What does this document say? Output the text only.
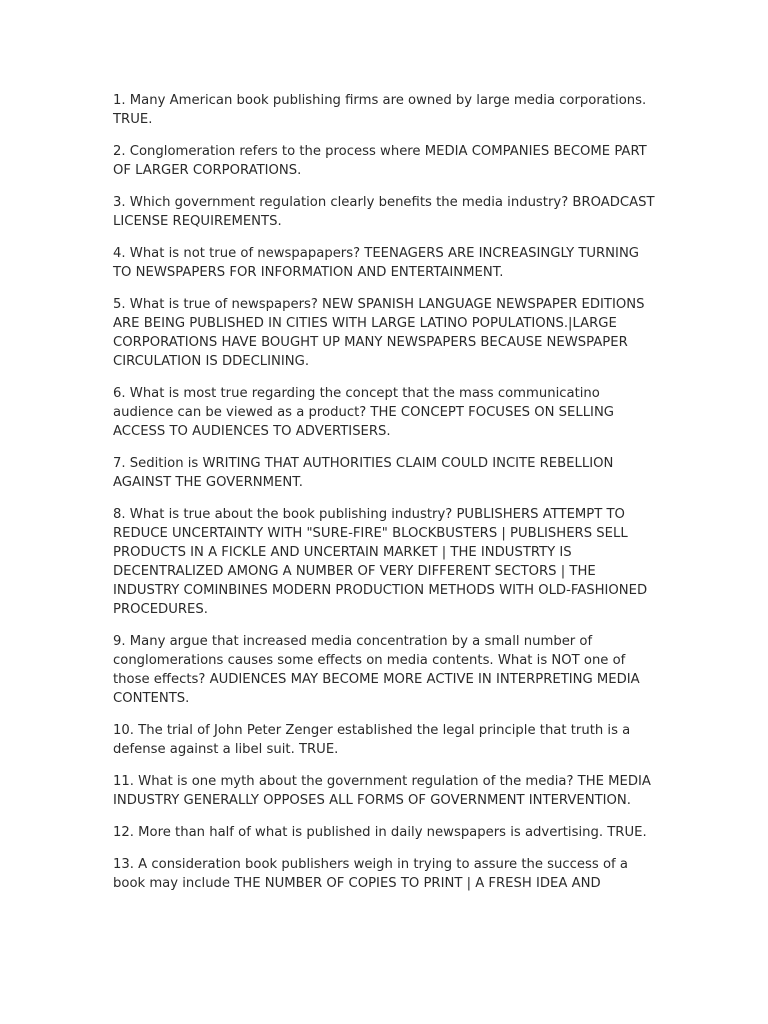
1. Many American book publishing firms are owned by large media corporations. TRUE.

2. Conglomeration refers to the process where MEDIA COMPANIES BECOME PART OF LARGER CORPORATIONS.

3. Which government regulation clearly benefits the media industry? BROADCAST LICENSE REQUIREMENTS.

4. What is not true of newspapapers? TEENAGERS ARE INCREASINGLY TURNING TO NEWSPAPERS FOR INFORMATION AND ENTERTAINMENT.

5. What is true of newspapers? NEW SPANISH LANGUAGE NEWSPAPER EDITIONS ARE BEING PUBLISHED IN CITIES WITH LARGE LATINO POPULATIONS.|LARGE CORPORATIONS HAVE BOUGHT UP MANY NEWSPAPERS BECAUSE NEWSPAPER CIRCULATION IS DDECLINING.

6. What is most true regarding the concept that the mass communicatino audience can be viewed as a product? THE CONCEPT FOCUSES ON SELLING ACCESS TO AUDIENCES TO ADVERTISERS.

7. Sedition is WRITING THAT AUTHORITIES CLAIM COULD INCITE REBELLION AGAINST THE GOVERNMENT.

8. What is true about the book publishing industry? PUBLISHERS ATTEMPT TO REDUCE UNCERTAINTY WITH "SURE-FIRE" BLOCKBUSTERS | PUBLISHERS SELL PRODUCTS IN A FICKLE AND UNCERTAIN MARKET | THE INDUSTRTY IS DECENTRALIZED AMONG A NUMBER OF VERY DIFFERENT SECTORS | THE INDUSTRY COMINBINES MODERN PRODUCTION METHODS WITH OLD-FASHIONED PROCEDURES.

9. Many argue that increased media concentration by a small number of conglomerations causes some effects on media contents. What is NOT one of those effects? AUDIENCES MAY BECOME MORE ACTIVE IN INTERPRETING MEDIA CONTENTS.

10. The trial of John Peter Zenger established the legal principle that truth is a defense against a libel suit. TRUE.

11. What is one myth about the government regulation of the media? THE MEDIA INDUSTRY GENERALLY OPPOSES ALL FORMS OF GOVERNMENT INTERVENTION.

12. More than half of what is published in daily newspapers is advertising. TRUE.

13. A consideration book publishers weigh in trying to assure the success of a book may include THE NUMBER OF COPIES TO PRINT | A FRESH IDEA AND
